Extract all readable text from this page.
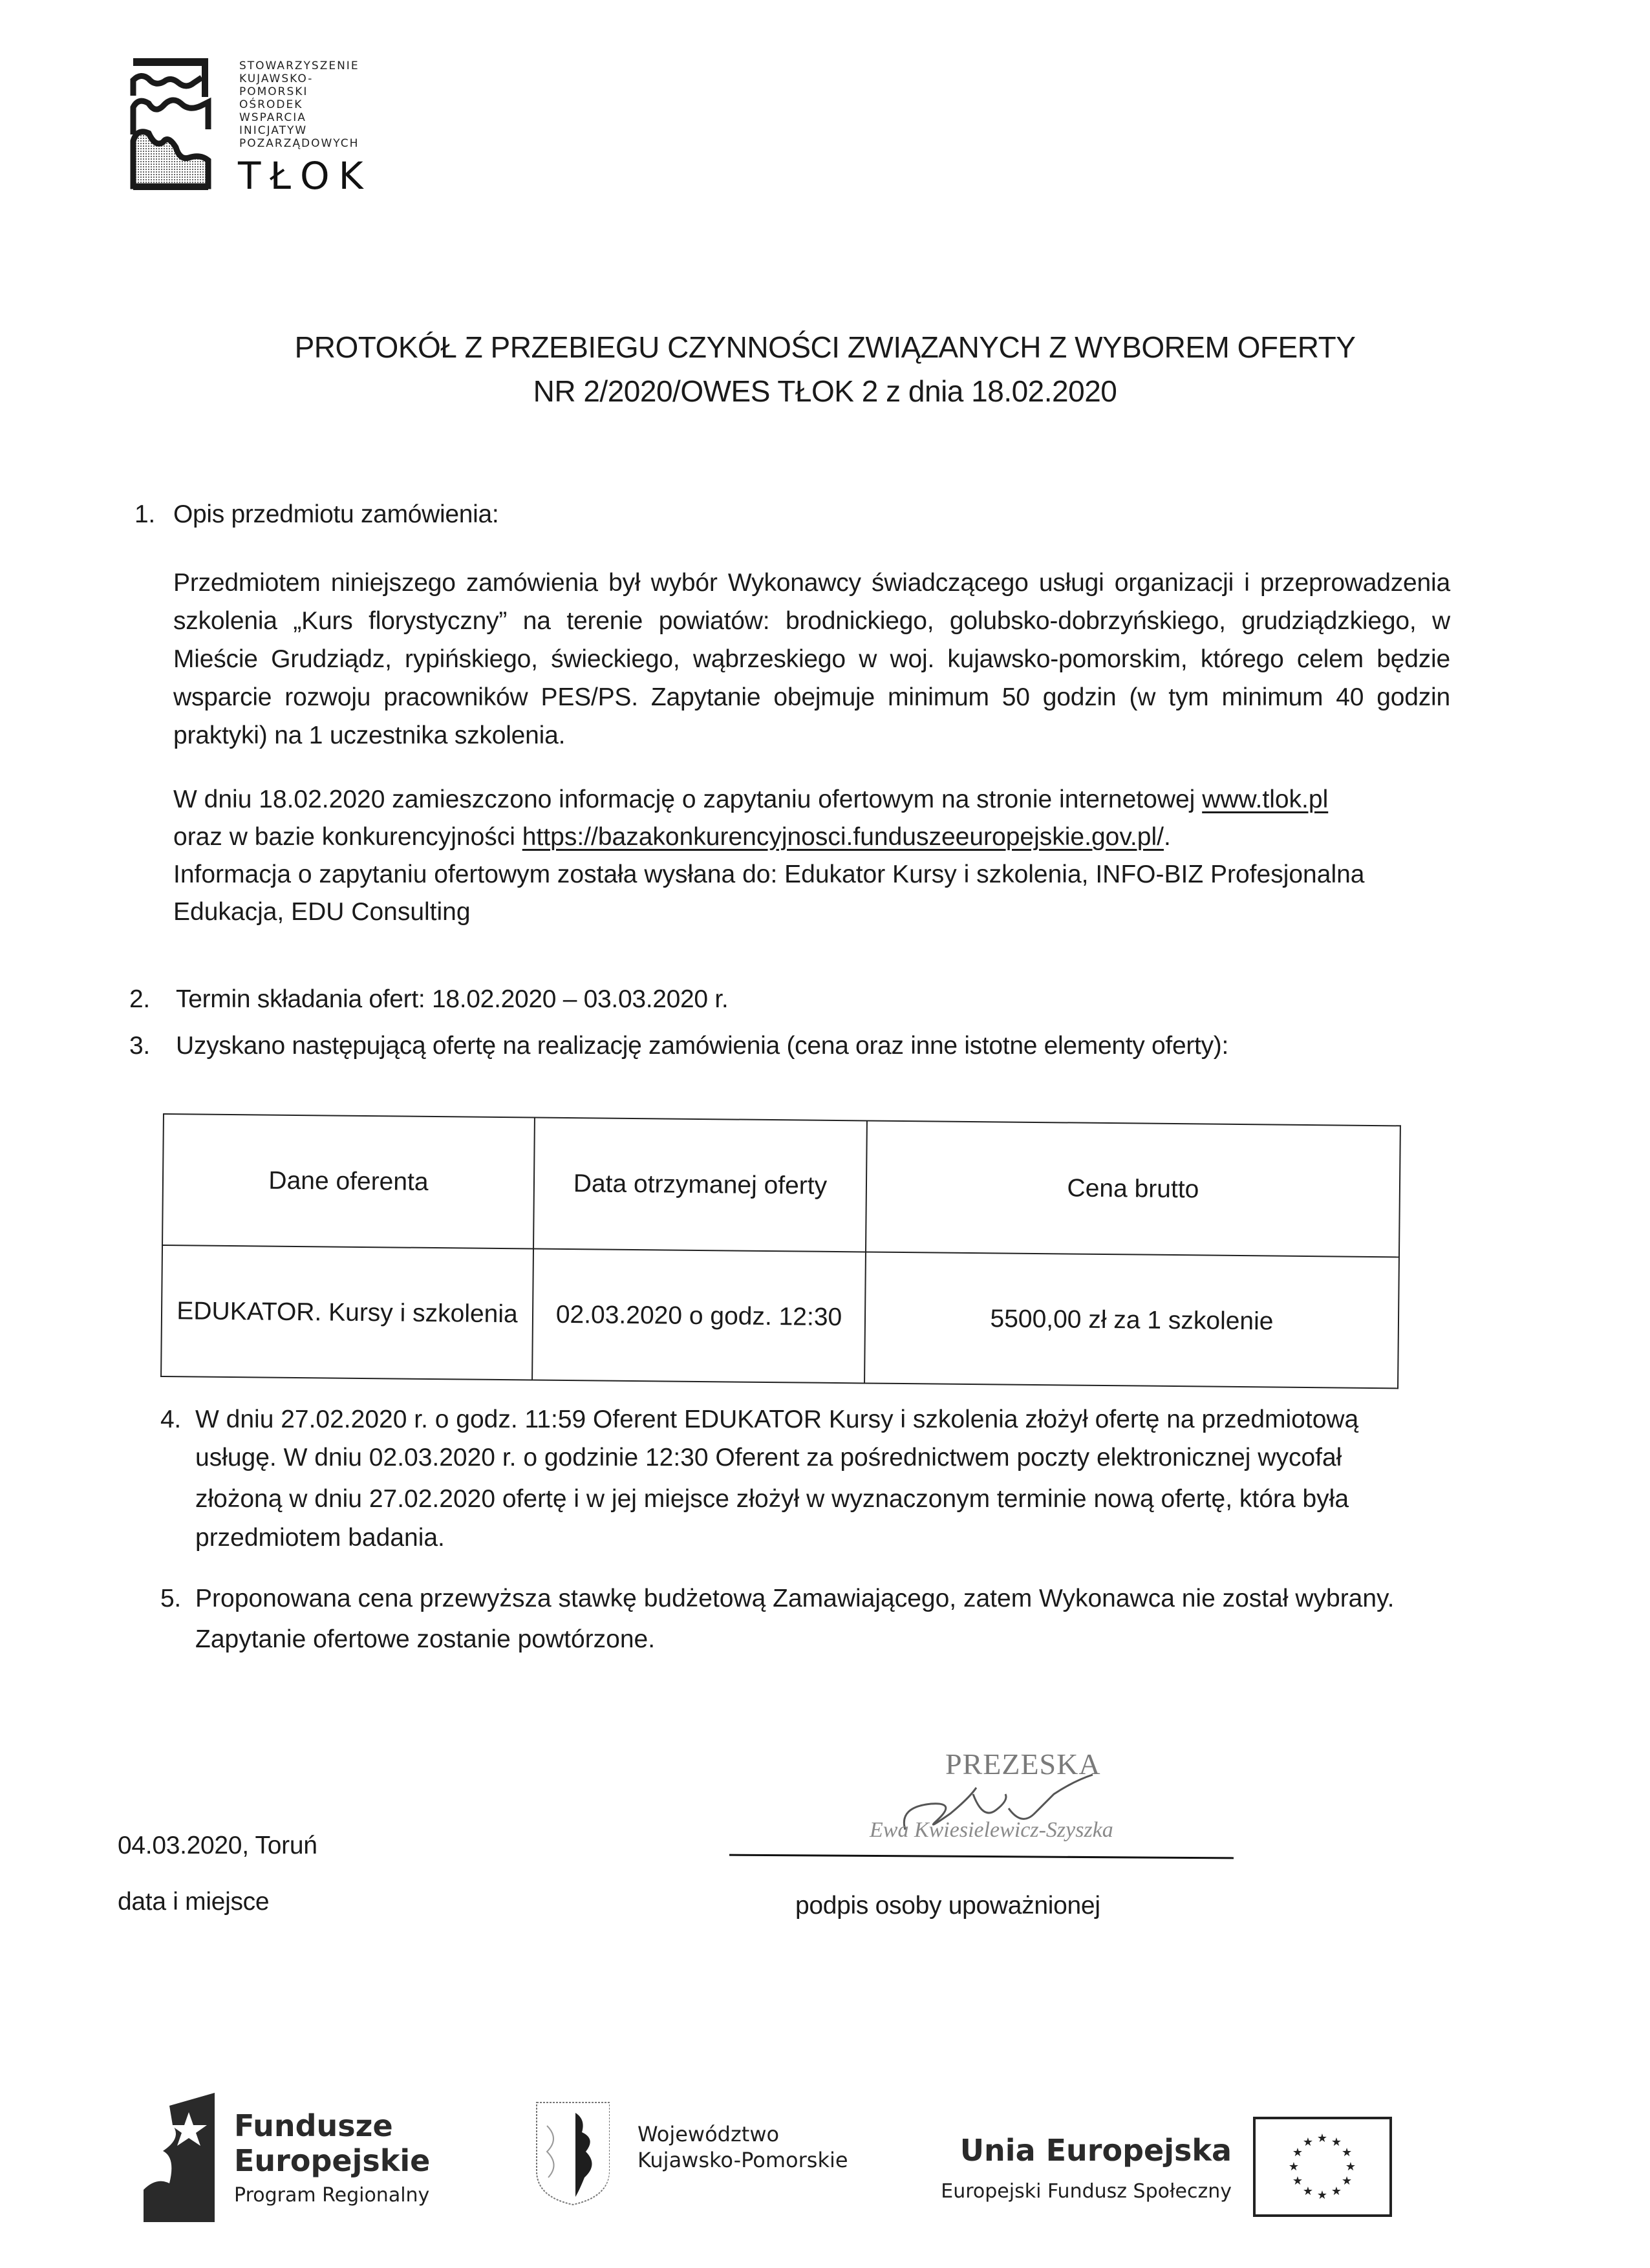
STOWARZYSZENIE
KUJAWSKO-
POMORSKI
OŚRODEK
WSPARCIA
INICJATYW
POZARZĄDOWYCH
TŁOK
PROTOKÓŁ Z PRZEBIEGU CZYNNOŚCI ZWIĄZANYCH Z WYBOREM OFERTY
NR 2/2020/OWES TŁOK 2 z dnia 18.02.2020
1. Opis przedmiotu zamówienia:
Przedmiotem niniejszego zamówienia był wybór Wykonawcy świadczącego usługi organizacji i przeprowadzenia szkolenia „Kurs florystyczny” na terenie powiatów: brodnickiego, golubsko-dobrzyńskiego, grudziądzkiego, w Mieście Grudziądz, rypińskiego, świeckiego, wąbrzeskiego w woj. kujawsko-pomorskim, którego celem będzie wsparcie rozwoju pracowników PES/PS. Zapytanie obejmuje minimum 50 godzin (w tym minimum 40 godzin praktyki) na 1 uczestnika szkolenia.
W dniu 18.02.2020 zamieszczono informację o zapytaniu ofertowym na stronie internetowej www.tlok.pl
oraz w bazie konkurencyjności https://bazakonkurencyjnosci.funduszeeuropejskie.gov.pl/.
Informacja o zapytaniu ofertowym została wysłana do: Edukator Kursy i szkolenia, INFO-BIZ Profesjonalna Edukacja, EDU Consulting
2. Termin składania ofert: 18.02.2020 – 03.03.2020 r.
3. Uzyskano następującą ofertę na realizację zamówienia (cena oraz inne istotne elementy oferty):
Dane oferenta	Data otrzymanej oferty	Cena brutto
EDUKATOR. Kursy i szkolenia	02.03.2020 o godz. 12:30	5500,00 zł za 1 szkolenie
4. W dniu 27.02.2020 r. o godz. 11:59 Oferent EDUKATOR Kursy i szkolenia złożył ofertę na przedmiotową
usługę. W dniu 02.03.2020 r. o godzinie 12:30 Oferent za pośrednictwem poczty elektronicznej wycofał
złożoną w dniu 27.02.2020 ofertę i w jej miejsce złożył w wyznaczonym terminie nową ofertę, która była
przedmiotem badania.
5. Proponowana cena przewyższa stawkę budżetową Zamawiającego, zatem Wykonawca nie został wybrany.
Zapytanie ofertowe zostanie powtórzone.
PREZESKA
Ewa Kwiesielewicz-Szyszka
04.03.2020, Toruń
data i miejsce	podpis osoby upoważnionej
Fundusze
Europejskie
Program Regionalny
Województwo
Kujawsko-Pomorskie	Unia Europejska
Europejski Fundusz Społeczny
★ ★
★
★
★
★
★
★
★
★
★
★
